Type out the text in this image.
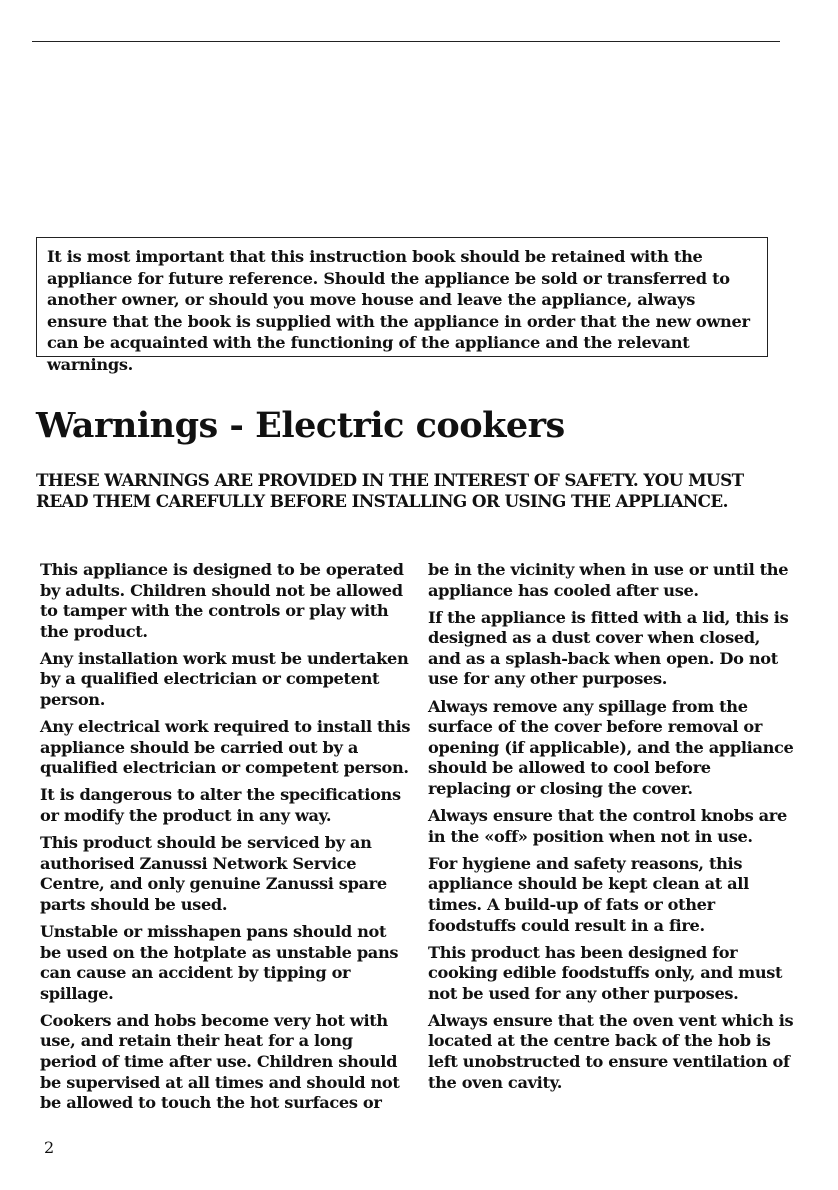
It is most important that this instruction book should be retained with the appliance for future reference. Should the appliance be sold or transferred to another owner, or should you move house and leave the appliance, always ensure that the book is supplied with the appliance in order that the new owner can be acquainted with the functioning of the appliance and the relevant warnings.

Warnings - Electric cookers

THESE WARNINGS ARE PROVIDED IN THE INTEREST OF SAFETY. YOU MUST READ THEM CAREFULLY BEFORE INSTALLING OR USING THE APPLIANCE.

This appliance is designed to be operated by adults. Children should not be allowed to tamper with the controls or play with the product.

Any installation work must be undertaken by a qualified electrician or competent person.

Any electrical work required to install this appliance should be carried out by a qualified electrician or competent person.

It is dangerous to alter the specifications or modify the product in any way.

This product should be serviced by an authorised Zanussi Network Service Centre, and only genuine Zanussi spare parts should be used.

Unstable or misshapen pans should not be used on the hotplate as unstable pans can cause an accident by tipping or spillage.

Cookers and hobs become very hot with use, and retain their heat for a long period of time after use. Children should be supervised at all times and should not be allowed to touch the hot surfaces or

be in the vicinity when in use or until the appliance has cooled after use.

If the appliance is fitted with a lid, this is designed as a dust cover when closed, and as a splash-back when open. Do not use for any other purposes.

Always remove any spillage from the surface of the cover before removal or opening (if applicable), and the appliance should be allowed to cool before replacing or closing the cover.

Always ensure that the control knobs are in the «off» position when not in use.

For hygiene and safety reasons, this appliance should be kept clean at all times. A build-up of fats or other foodstuffs could result in a fire.

This product has been designed for cooking edible foodstuffs only, and must not be used for any other purposes.

Always ensure that the oven vent which is located at the centre back of the hob is left unobstructed to ensure ventilation of the oven cavity.

2
